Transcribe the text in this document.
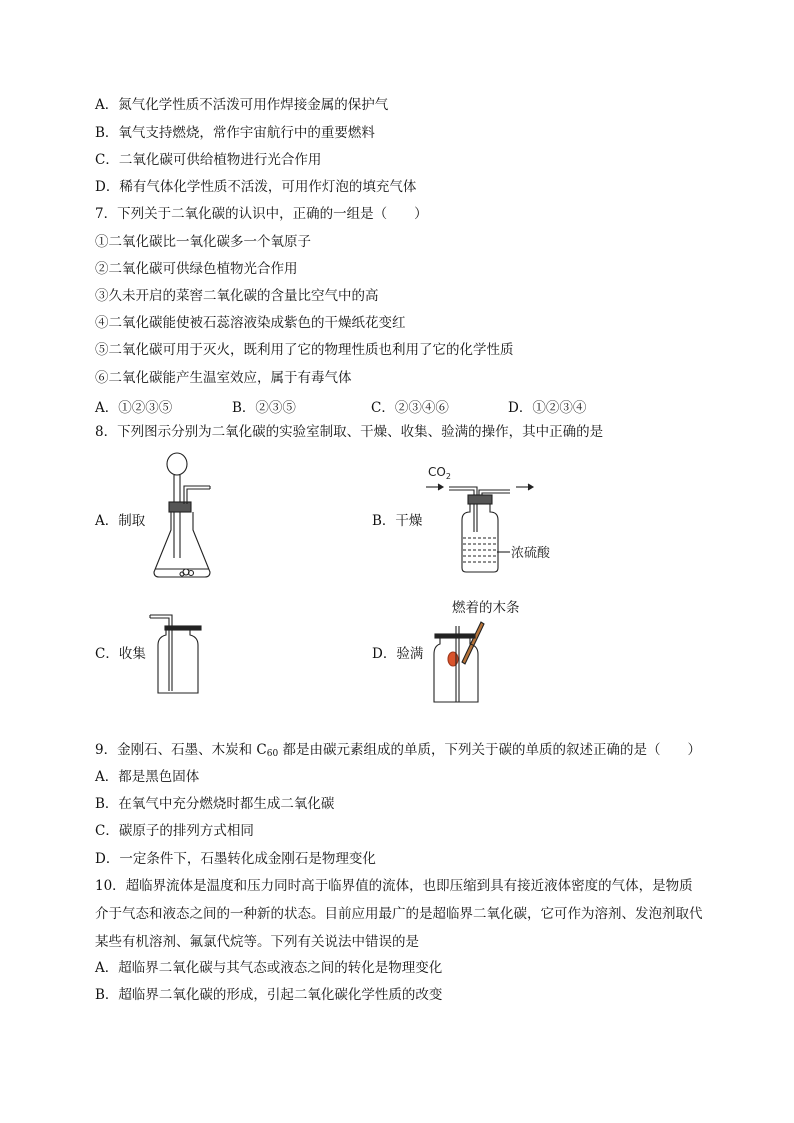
A．氮气化学性质不活泼可用作焊接金属的保护气
B．氧气支持燃烧，常作宇宙航行中的重要燃料
C．二氧化碳可供给植物进行光合作用
D．稀有气体化学性质不活泼，可用作灯泡的填充气体
7．下列关于二氧化碳的认识中，正确的一组是（　　）
①二氧化碳比一氧化碳多一个氧原子
②二氧化碳可供绿色植物光合作用
③久未开启的菜窖二氧化碳的含量比空气中的高
④二氧化碳能使被石蕊溶液染成紫色的干燥纸花变红
⑤二氧化碳可用于灭火，既利用了它的物理性质也利用了它的化学性质
⑥二氧化碳能产生温室效应，属于有毒气体
A．①②③⑤	B．②③⑤	C．②③④⑥	D．①②③④
8．下列图示分别为二氧化碳的实验室制取、干燥、收集、验满的操作，其中正确的是
A．制取	B．干燥
C．收集	D．验满
$CO_2$
浓硫酸
燃着的木条
9．金刚石、石墨、木炭和 $C_{60}$ 都是由碳元素组成的单质，下列关于碳的单质的叙述正确的是（　　）
A．都是黑色固体
B．在氧气中充分燃烧时都生成二氧化碳
C．碳原子的排列方式相同
D．一定条件下，石墨转化成金刚石是物理变化
10．超临界流体是温度和压力同时高于临界值的流体，也即压缩到具有接近液体密度的气体，是物质介于气态和液态之间的一种新的状态。目前应用最广的是超临界二氧化碳，它可作为溶剂、发泡剂取代某些有机溶剂、氟氯代烷等。下列有关说法中错误的是
A．超临界二氧化碳与其气态或液态之间的转化是物理变化
B．超临界二氧化碳的形成，引起二氧化碳化学性质的改变
